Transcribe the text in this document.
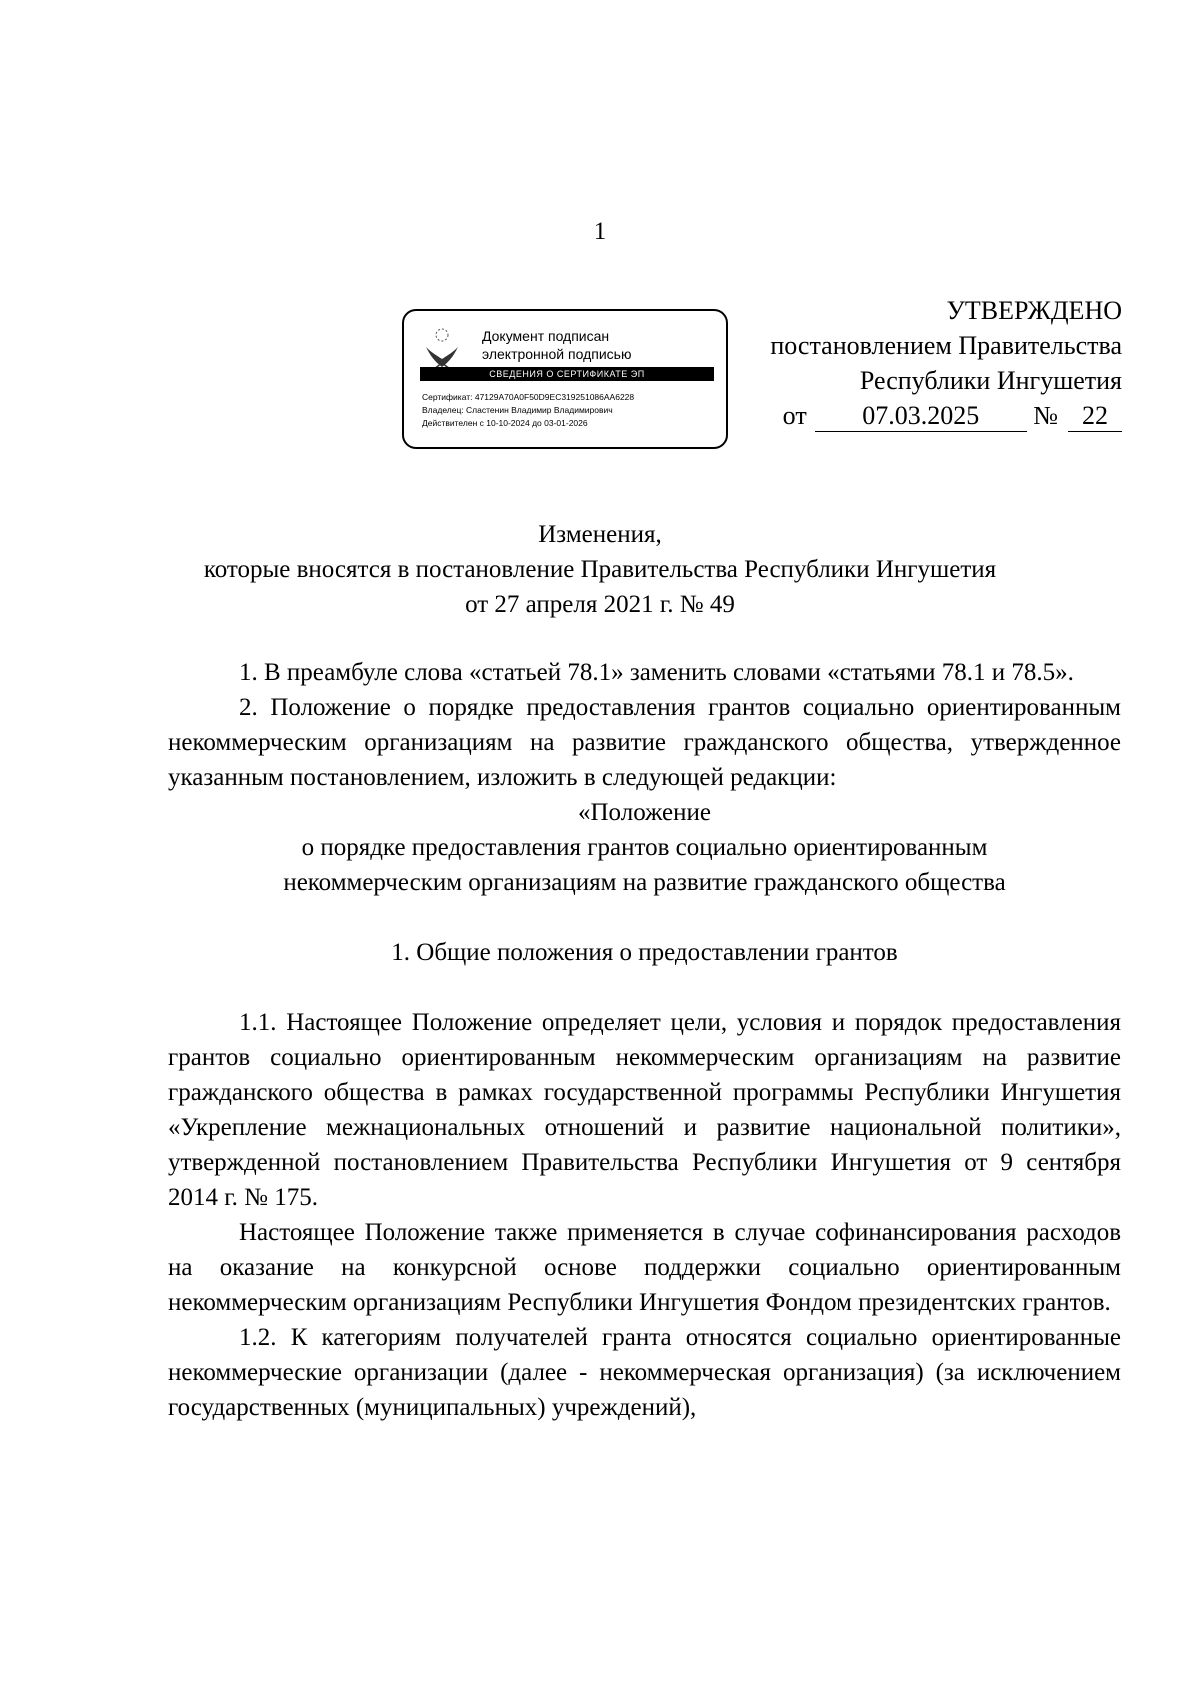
1
Документ подписан
электронной подписью
СВЕДЕНИЯ О СЕРТИФИКАТЕ ЭП
Сертификат: 47129A70A0F50D9EC319251086AA6228
Владелец: Сластенин Владимир Владимирович
Действителен с 10-10-2024 до 03-01-2026
УТВЕРЖДЕНО
постановлением Правительства
Республики Ингушетия
от 07.03.2025 № 22
Изменения,
которые вносятся в постановление Правительства Республики Ингушетия
от 27 апреля 2021 г. № 49

1. В преамбуле слова «статьей 78.1» заменить словами «статьями 78.1 и 78.5».

2. Положение о порядке предоставления грантов социально ориентированным некоммерческим организациям на развитие гражданского общества, утвержденное указанным постановлением, изложить в следующей редакции:

«Положение

о порядке предоставления грантов социально ориентированным

некоммерческим организациям на развитие гражданского общества

1. Общие положения о предоставлении грантов

1.1. Настоящее Положение определяет цели, условия и порядок предоставления грантов социально ориентированным некоммерческим организациям на развитие гражданского общества в рамках государственной программы Республики Ингушетия «Укрепление межнациональных отношений и развитие национальной политики», утвержденной постановлением Правительства Республики Ингушетия от 9 сентября 2014 г. № 175.

Настоящее Положение также применяется в случае софинансирования расходов на оказание на конкурсной основе поддержки социально ориентированным некоммерческим организациям Республики Ингушетия Фондом президентских грантов.

1.2. К категориям получателей гранта относятся социально ориентированные некоммерческие организации (далее - некоммерческая организация) (за исключением государственных (муниципальных) учреждений),
